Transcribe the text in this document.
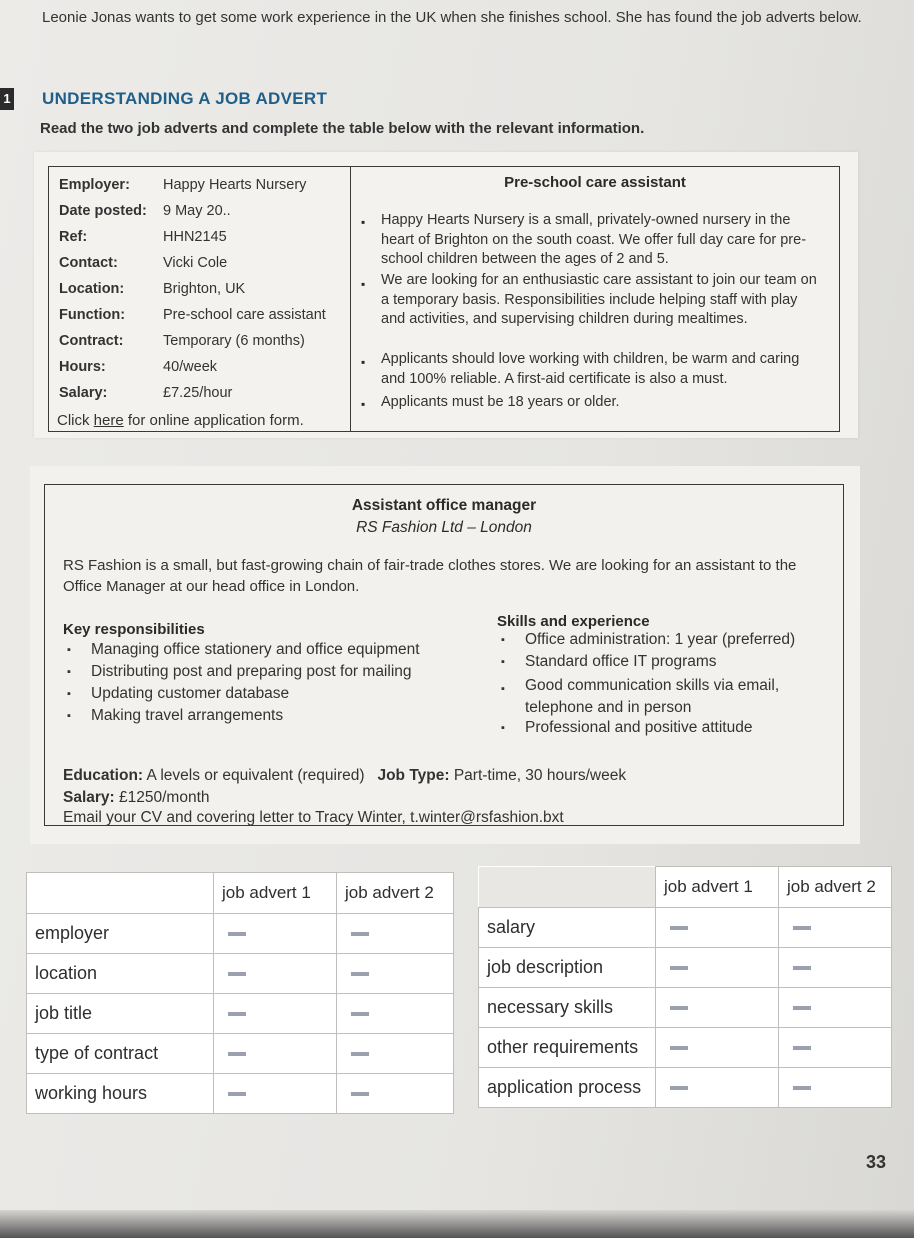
Leonie Jonas wants to get some work experience in the UK when she finishes school. She has found the job adverts below.
1 UNDERSTANDING A JOB ADVERT
Read the two job adverts and complete the table below with the relevant information.
Employer: Happy Hearts Nursery
Date posted: 9 May 20..
Ref:	HHN2145
Contact:	Vicki Cole
Location:	Brighton, UK
Function:	Pre-school care assistant
Contract:	Temporary (6 months)
Hours:	40/week
Salary:	£7.25/hour
Click here for online application form.
Pre-school care assistant
▪ Happy Hearts Nursery is a small, privately-owned nursery in the heart of Brighton on the south coast. We offer full day care for pre-school children between the ages of 2 and 5.
▪ We are looking for an enthusiastic care assistant to join our team on a temporary basis. Responsibilities include helping staff with play and activities, and supervising children during mealtimes.
▪ Applicants should love working with children, be warm and caring and 100% reliable. A first-aid certificate is also a must.
▪ Applicants must be 18 years or older.
Assistant office manager
RS Fashion Ltd – London
RS Fashion is a small, but fast-growing chain of fair-trade clothes stores. We are looking for an assistant to the Office Manager at our head office in London.
Key responsibilities
▪ Managing office stationery and office equipment
▪ Distributing post and preparing post for mailing
▪ Updating customer database
▪ Making travel arrangements
Skills and experience
▪ Office administration: 1 year (preferred)
▪ Standard office IT programs
▪ Good communication skills via email, telephone and in person
▪ Professional and positive attitude
Education: A levels or equivalent (required) Job Type: Part-time, 30 hours/week
Salary: £1250/month
Email your CV and covering letter to Tracy Winter, t.winter@rsfashion.bxt
	job advert 1	job advert 2
employer		
location		
job title		
type of contract		
working hours		
	job advert 1	job advert 2
salary		
job description		
necessary skills		
other requirements		
application process		
33
